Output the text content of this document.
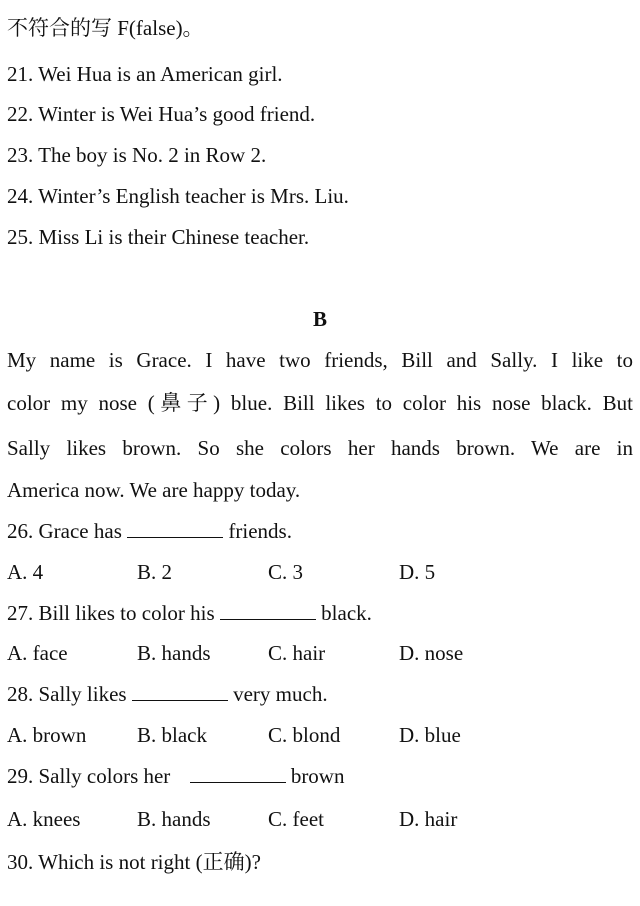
不符合的写 F(false)。
21. Wei Hua is an American girl.
22. Winter is Wei Hua’s good friend.
23. The boy is No. 2 in Row 2.
24. Winter’s English teacher is Mrs. Liu.
25. Miss Li is their Chinese teacher.
B
My name is Grace. I have two friends, Bill and Sally. I like to
color my nose (鼻子) blue. Bill likes to color his nose black. But
Sally likes brown. So she colors her hands brown. We are in
America now. We are happy today.
26. Grace has	friends.
A. 4	B. 2	C. 3	D. 5
27. Bill likes to color his	black.
A. face	B. hands	C. hair	D. nose
28. Sally likes	very much.
A. brown B. black	C. blond	D. blue
29. Sally colors her	brown
A. knees	B. hands	C. feet	D. hair
30. Which is not right (正确)?
